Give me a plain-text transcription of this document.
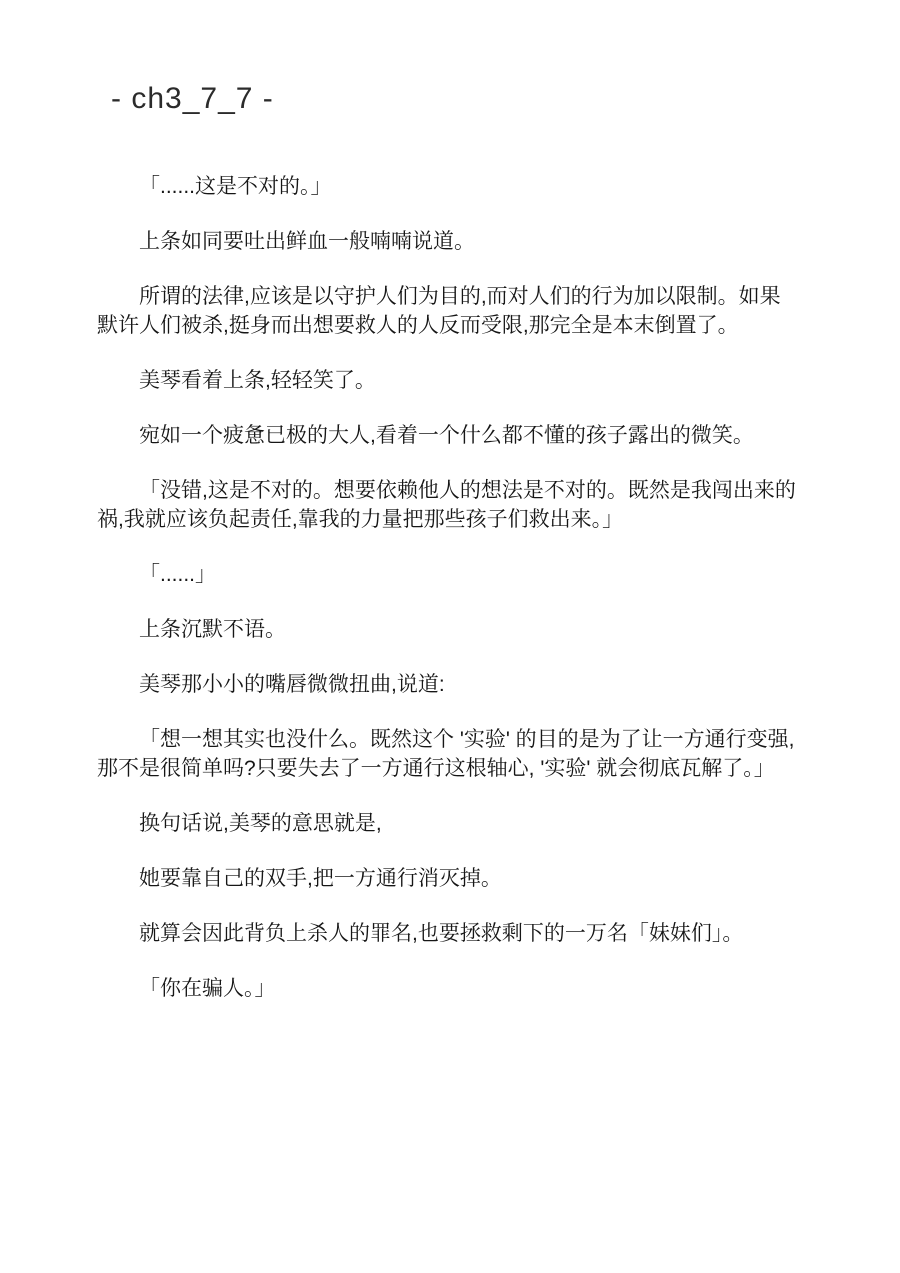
- ch3_7_7 -

「......这是不对的。」

上条如同要吐出鲜血一般喃喃说道。

所谓的法律,应该是以守护人们为目的,而对人们的行为加以限制。如果默许人们被杀,挺身而出想要救人的人反而受限,那完全是本末倒置了。

美琴看着上条,轻轻笑了。

宛如一个疲惫已极的大人,看着一个什么都不懂的孩子露出的微笑。

「没错,这是不对的。想要依赖他人的想法是不对的。既然是我闯出来的祸,我就应该负起责任,靠我的力量把那些孩子们救出来。」

「......」

上条沉默不语。

美琴那小小的嘴唇微微扭曲,说道:

「想一想其实也没什么。既然这个 '实验' 的目的是为了让一方通行变强,那不是很简单吗?只要失去了一方通行这根轴心, '实验' 就会彻底瓦解了。」

换句话说,美琴的意思就是,

她要靠自己的双手,把一方通行消灭掉。

就算会因此背负上杀人的罪名,也要拯救剩下的一万名「妹妹们」。

「你在骗人。」
